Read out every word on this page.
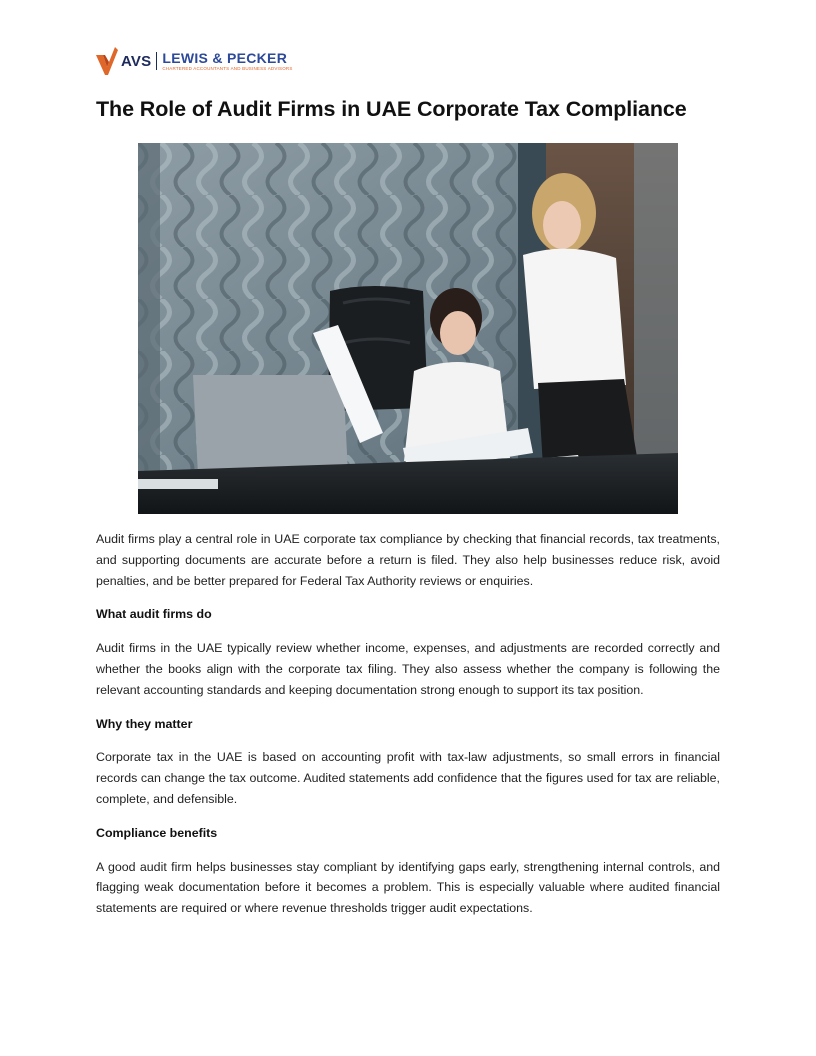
AVS LEWIS & PECKER
CHARTERED ACCOUNTANTS AND BUSINESS ADVISORS
The Role of Audit Firms in UAE Corporate Tax Compliance

Audit firms play a central role in UAE corporate tax compliance by checking that financial records, tax treatments, and supporting documents are accurate before a return is filed. They also help businesses reduce risk, avoid penalties, and be better prepared for Federal Tax Authority reviews or enquiries.

What audit firms do

Audit firms in the UAE typically review whether income, expenses, and adjustments are recorded correctly and whether the books align with the corporate tax filing. They also assess whether the company is following the relevant accounting standards and keeping documentation strong enough to support its tax position.

Why they matter

Corporate tax in the UAE is based on accounting profit with tax-law adjustments, so small errors in financial records can change the tax outcome. Audited statements add confidence that the figures used for tax are reliable, complete, and defensible.

Compliance benefits

A good audit firm helps businesses stay compliant by identifying gaps early, strengthening internal controls, and flagging weak documentation before it becomes a problem. This is especially valuable where audited financial statements are required or where revenue thresholds trigger audit expectations.
